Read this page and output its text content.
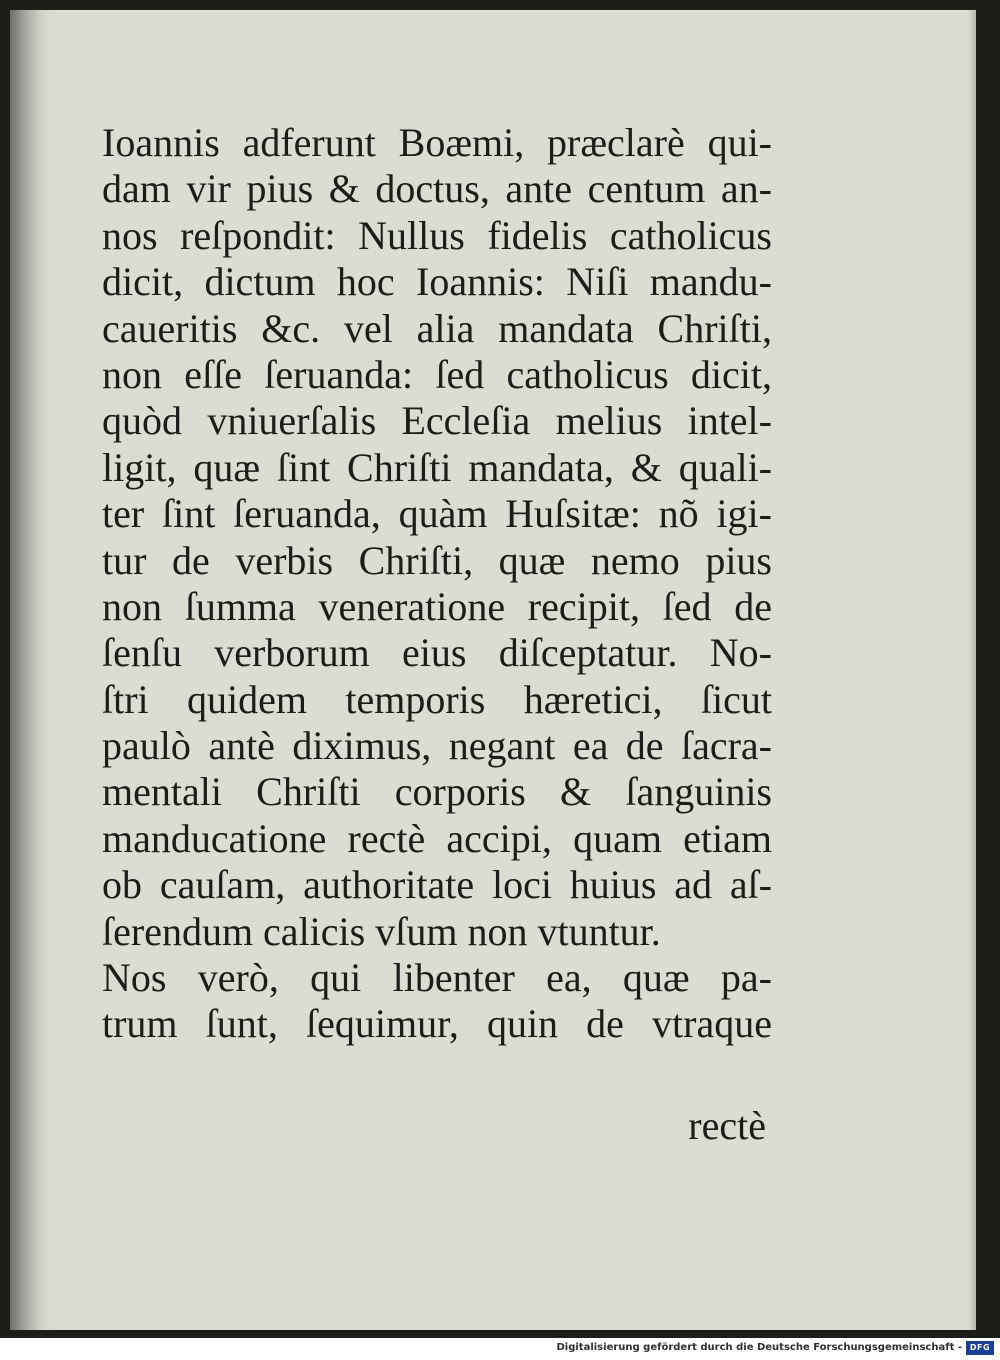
Ioannis adferunt Boæmi, præclarè qui-
dam vir pius & doctus, ante centum an-
nos reſpondit: Nullus fidelis catholicus
dicit, dictum hoc Ioannis: Niſi mandu-
caueritis &c. vel alia mandata Chriſti,
non eſſe ſeruanda: ſed catholicus dicit,
quòd vniuerſalis Eccleſia melius intel-
ligit, quæ ſint Chriſti mandata, & quali-
ter ſint ſeruanda, quàm Huſsitæ: nõ igi-
tur de verbis Chriſti, quæ nemo pius
non ſumma veneratione recipit, ſed de
ſenſu verborum eius diſceptatur. No-
ſtri quidem temporis hæretici, ſicut
paulò antè diximus, negant ea de ſacra-
mentali Chriſti corporis & ſanguinis
manducatione rectè accipi, quam etiam
ob cauſam, authoritate loci huius ad aſ-
ſerendum calicis vſum non vtuntur.
Nos verò, qui libenter ea, quæ pa-
trum ſunt, ſequimur, quin de vtraque
rectè
Digitalisierung gefördert durch die Deutsche Forschungsgemeinschaft - DFG
